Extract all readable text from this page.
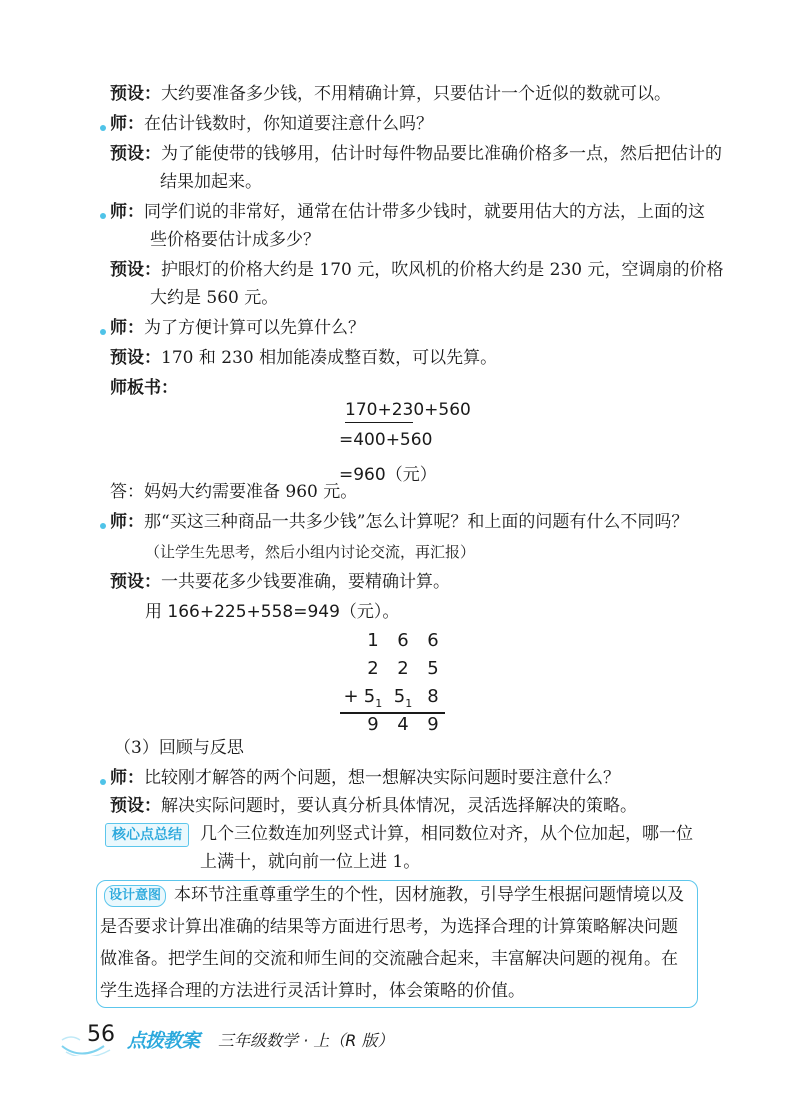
预设：大约要准备多少钱，不用精确计算，只要估计一个近似的数就可以。
师：在估计钱数时，你知道要注意什么吗？
预设：为了能使带的钱够用，估计时每件物品要比准确价格多一点，然后把估计的
结果加起来。
师：同学们说的非常好，通常在估计带多少钱时，就要用估大的方法，上面的这
些价格要估计成多少？
预设：护眼灯的价格大约是 170 元，吹风机的价格大约是 230 元，空调扇的价格
大约是 560 元。
师：为了方便计算可以先算什么？
预设：170 和 230 相加能凑成整百数，可以先算。
师板书：
170+230+560
=400+560
=960（元）
答：妈妈大约需要准备 960 元。
师：那“买这三种商品一共多少钱”怎么计算呢？和上面的问题有什么不同吗？
（让学生先思考，然后小组内讨论交流，再汇报）
预设：一共要花多少钱要准确，要精确计算。
用 166+225+558=949（元）。
1 6 6
2 2 5
+ $5_1$ $5_1$ 8
9 4 9
（3）回顾与反思
师：比较刚才解答的两个问题，想一想解决实际问题时要注意什么？
预设：解决实际问题时，要认真分析具体情况，灵活选择解决的策略。
核心点总结	几个三位数连加列竖式计算，相同数位对齐，从个位加起，哪一位
上满十，就向前一位上进 1。
设计意图 本环节注重尊重学生的个性，因材施教，引导学生根据问题情境以及
是否要求计算出准确的结果等方面进行思考，为选择合理的计算策略解决问题
做准备。把学生间的交流和师生间的交流融合起来，丰富解决问题的视角。在
学生选择合理的方法进行灵活计算时，体会策略的价值。
56 点拨教案 三年级数学 · 上（R 版）
